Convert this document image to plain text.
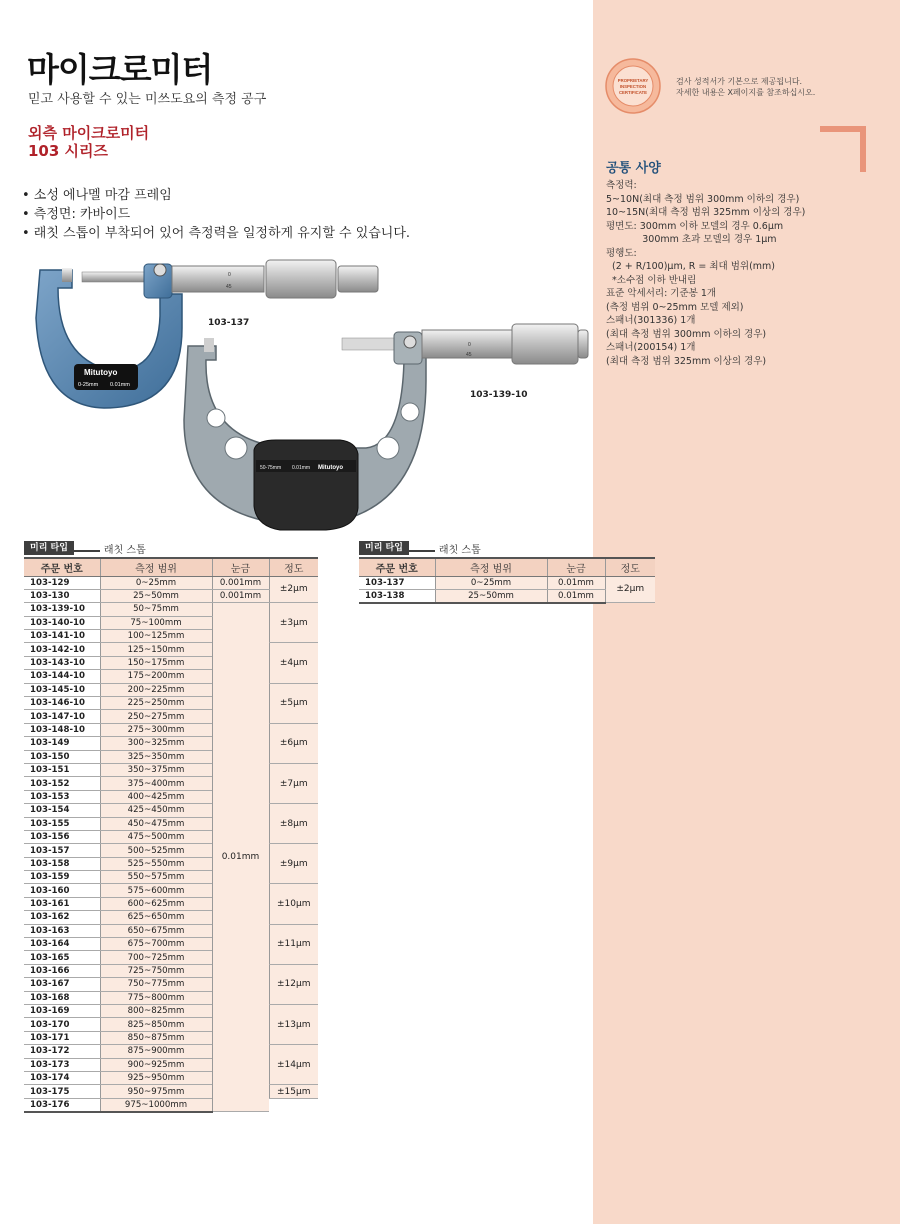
마이크로미터
믿고 사용할 수 있는 미쓰도요의 측정 공구
외측 마이크로미터
103 시리즈
• 소성 에나멜 마감 프레임
• 측정면: 카바이드
• 래칫 스톱이 부착되어 있어 측정력을 일정하게 유지할 수 있습니다.
Mitutoyo
0-25mm 0.01mm
0
45
103-137
50-75mm 0.01mm Mitutoyo
0
45
103-139-10
PROPRIETARY
INSPECTION
CERTIFICATE
검사 성적서가 기본으로 제공됩니다.
자세한 내용은 X페이지를 참조하십시오.
공통 사양
측정력:
5~10N(최대 측정 범위 300mm 이하의 경우)
10~15N(최대 측정 범위 325mm 이상의 경우)
평면도: 300mm 이하 모델의 경우 0.6µm
300mm 초과 모델의 경우 1µm
평행도:
(2 + R/100)µm, R = 최대 범위(mm)
*소수점 이하 반내림
표준 악세서리: 기준봉 1개
(측정 범위 0~25mm 모델 제외)
스패너(301336) 1개
(최대 측정 범위 300mm 이하의 경우)
스패너(200154) 1개
(최대 측정 범위 325mm 이상의 경우)
미리 타입	래칫 스톱
주문 번호	측정 범위	눈금	정도
103-129	0~25mm	0.001mm	±2µm
103-130	25~50mm	0.001mm	
103-139-10	50~75mm	0.01mm	±3µm
103-140-10	75~100mm		
103-141-10	100~125mm		
103-142-10	125~150mm		±4µm
103-143-10	150~175mm		
103-144-10	175~200mm		
103-145-10	200~225mm		±5µm
103-146-10	225~250mm		
103-147-10	250~275mm		
103-148-10	275~300mm		±6µm
103-149	300~325mm		
103-150	325~350mm		
103-151	350~375mm		±7µm
103-152	375~400mm		
103-153	400~425mm		
103-154	425~450mm		±8µm
103-155	450~475mm		
103-156	475~500mm		
103-157	500~525mm		±9µm
103-158	525~550mm		
103-159	550~575mm		
103-160	575~600mm		±10µm
103-161	600~625mm		
103-162	625~650mm		
103-163	650~675mm		±11µm
103-164	675~700mm		
103-165	700~725mm		
103-166	725~750mm		±12µm
103-167	750~775mm		
103-168	775~800mm		
103-169	800~825mm		±13µm
103-170	825~850mm		
103-171	850~875mm		
103-172	875~900mm		±14µm
103-173	900~925mm		
103-174	925~950mm		
103-175	950~975mm		±15µm
103-176	975~1000mm		
미리 타입	래칫 스톱
주문 번호	측정 범위	눈금	정도
103-137	0~25mm	0.01mm	±2µm
103-138	25~50mm	0.01mm	
